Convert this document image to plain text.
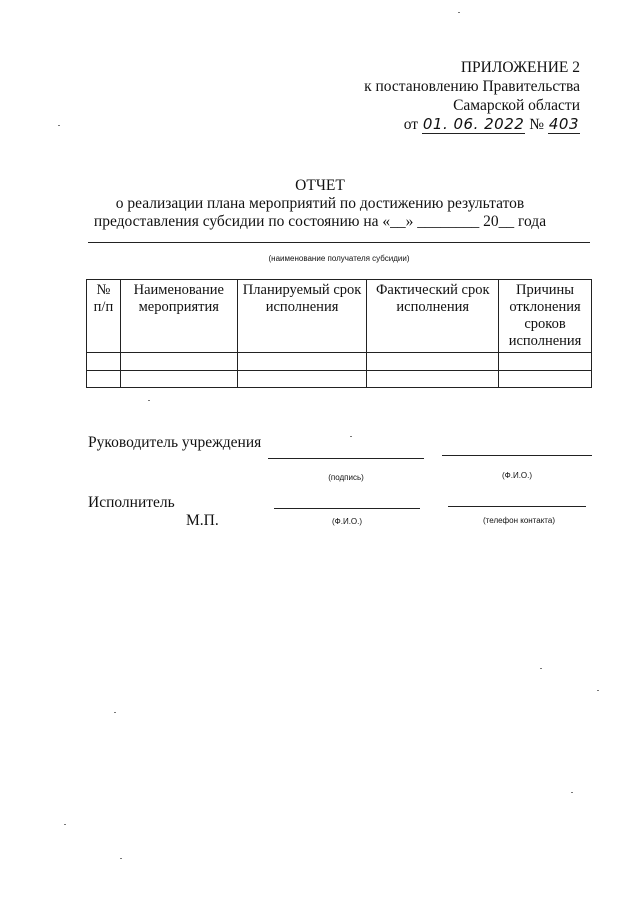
ПРИЛОЖЕНИЕ 2
к постановлению Правительства
Самарской области
от 01. 06. 2022 № 403
ОТЧЕТ
о реализации плана мероприятий по достижению результатов
предоставления субсидии по состоянию на «__» ________ 20__ года
(наименование получателя субсидии)
№ п/п	Наименование мероприятия	Планируемый срок исполнения	Фактический срок исполнения	Причины отклонения сроков исполнения

Руководитель учреждения
(подпись)	(Ф.И.О.)
Исполнитель
М.П.	(Ф.И.О.)	(телефон контакта)
